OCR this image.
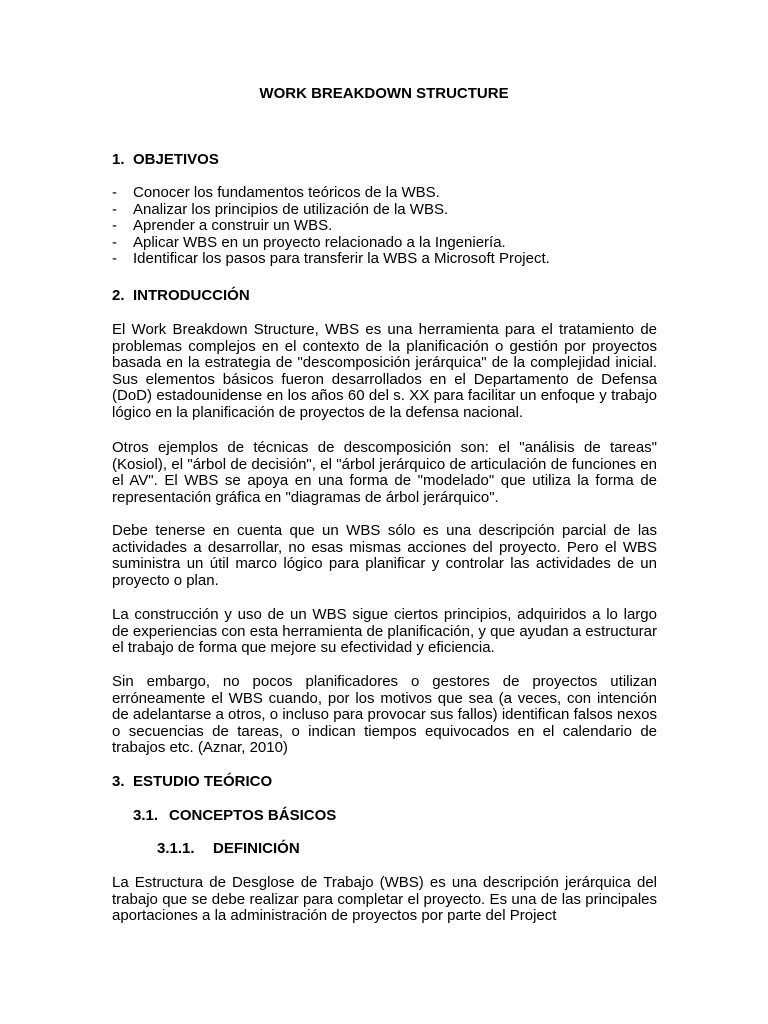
WORK BREAKDOWN STRUCTURE
1. OBJETIVOS
- Conocer los fundamentos teóricos de la WBS.
- Analizar los principios de utilización de la WBS.
- Aprender a construir un WBS.
- Aplicar WBS en un proyecto relacionado a la Ingeniería.
- Identificar los pasos para transferir la WBS a Microsoft Project.
2. INTRODUCCIÓN

El Work Breakdown Structure, WBS es una herramienta para el tratamiento de problemas complejos en el contexto de la planificación o gestión por proyectos basada en la estrategia de "descomposición jerárquica" de la complejidad inicial. Sus elementos básicos fueron desarrollados en el Departamento de Defensa (DoD) estadounidense en los años 60 del s. XX para facilitar un enfoque y trabajo lógico en la planificación de proyectos de la defensa nacional.

Otros ejemplos de técnicas de descomposición son: el "análisis de tareas" (Kosiol), el "árbol de decisión", el "árbol jerárquico de articulación de funciones en el AV". El WBS se apoya en una forma de "modelado" que utiliza la forma de representación gráfica en "diagramas de árbol jerárquico".

Debe tenerse en cuenta que un WBS sólo es una descripción parcial de las actividades a desarrollar, no esas mismas acciones del proyecto. Pero el WBS suministra un útil marco lógico para planificar y controlar las actividades de un proyecto o plan.

La construcción y uso de un WBS sigue ciertos principios, adquiridos a lo largo de experiencias con esta herramienta de planificación, y que ayudan a estructurar el trabajo de forma que mejore su efectividad y eficiencia.

Sin embargo, no pocos planificadores o gestores de proyectos utilizan erróneamente el WBS cuando, por los motivos que sea (a veces, con intención de adelantarse a otros, o incluso para provocar sus fallos) identifican falsos nexos o secuencias de tareas, o indican tiempos equivocados en el calendario de trabajos etc. (Aznar, 2010)

3. ESTUDIO TEÓRICO
3.1. CONCEPTOS BÁSICOS
3.1.1. DEFINICIÓN

La Estructura de Desglose de Trabajo (WBS) es una descripción jerárquica del trabajo que se debe realizar para completar el proyecto. Es una de las principales aportaciones a la administración de proyectos por parte del Project
